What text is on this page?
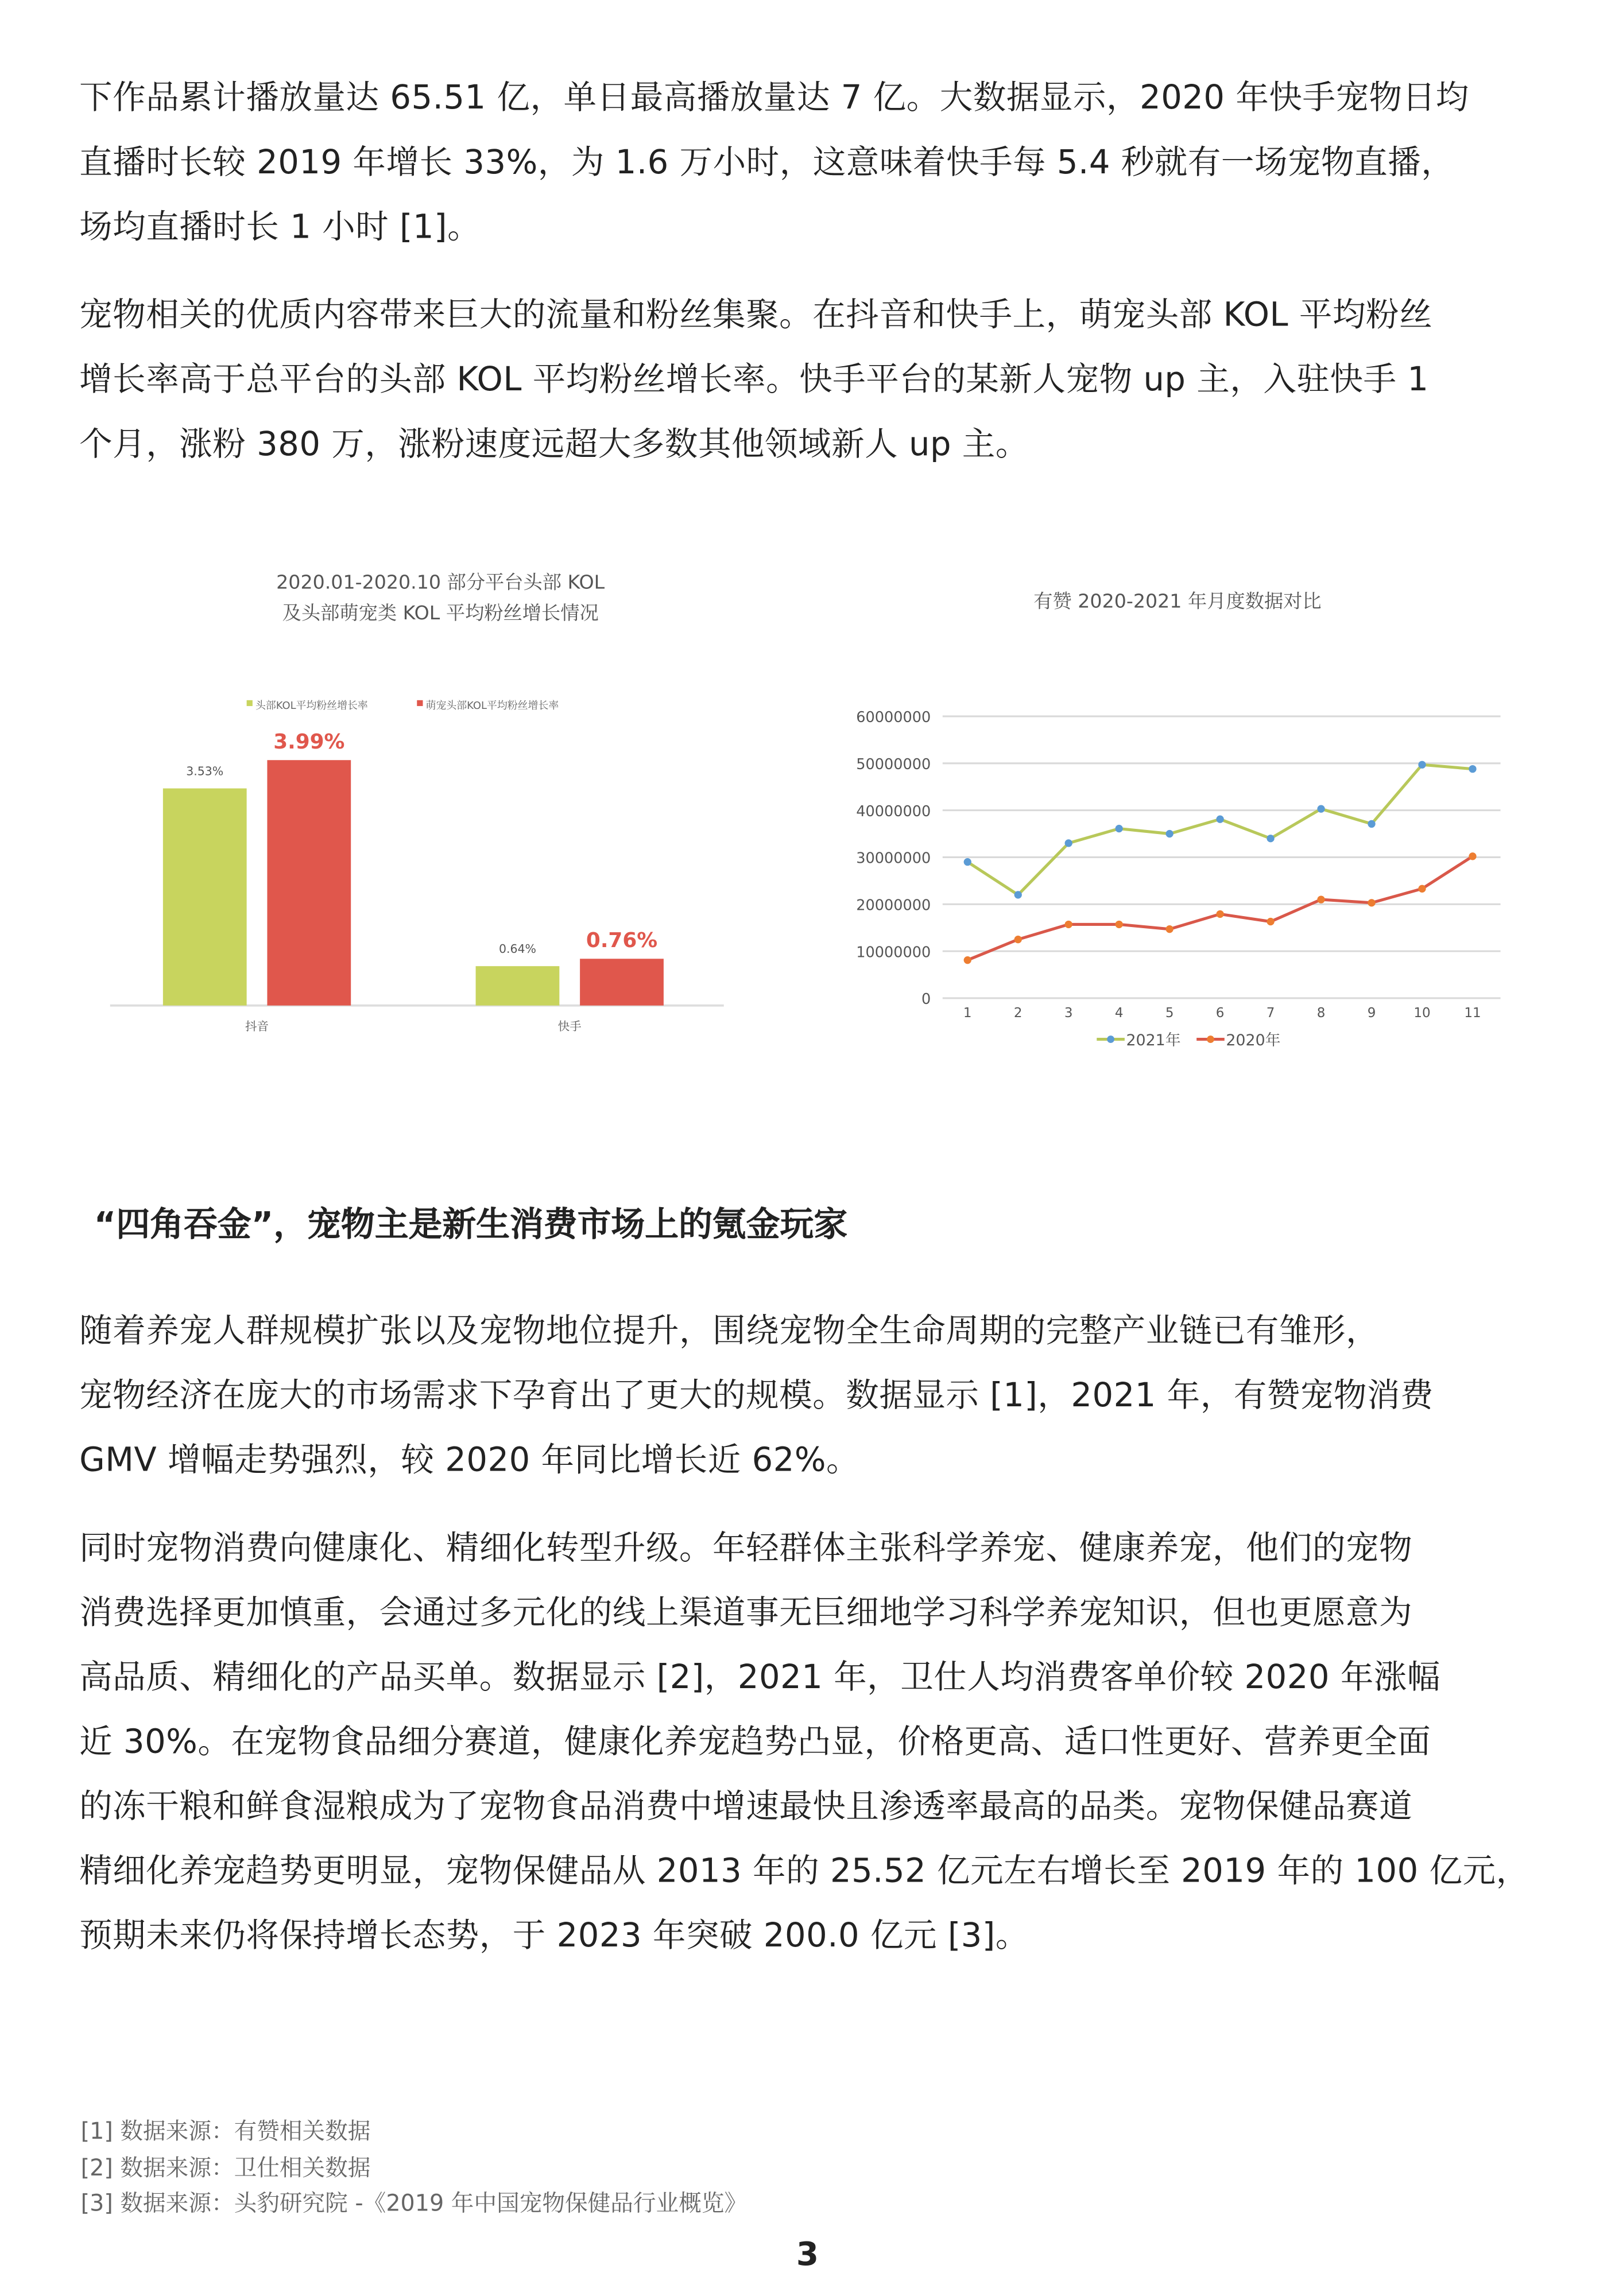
下作品累计播放量达 65.51 亿，单日最高播放量达 7 亿。大数据显示，2020 年快手宠物日均
直播时长较 2019 年增长 33%，为 1.6 万小时，这意味着快手每 5.4 秒就有一场宠物直播，
场均直播时长 1 小时 [1]。
宠物相关的优质内容带来巨大的流量和粉丝集聚。在抖音和快手上，萌宠头部 KOL 平均粉丝
增长率高于总平台的头部 KOL 平均粉丝增长率。快手平台的某新人宠物 up 主，入驻快手 1
个月，涨粉 380 万，涨粉速度远超大多数其他领域新人 up 主。
2020.01-2020.10 部分平台头部 KOL
及头部萌宠类 KOL 平均粉丝增长情况
头部KOL平均粉丝增长率	萌宠头部KOL平均粉丝增长率
3.53%
3.99%
抖音
0.64%	0.76%
快手
有赞 2020-2021 年月度数据对比
0
10000000
20000000
30000000
40000000
50000000
60000000
1	2	3	4	5	6	7	8	9	10	11
2021年	2020年
“四角吞金”，宠物主是新生消费市场上的氪金玩家
随着养宠人群规模扩张以及宠物地位提升，围绕宠物全生命周期的完整产业链已有雏形，
宠物经济在庞大的市场需求下孕育出了更大的规模。数据显示 [1]，2021 年，有赞宠物消费
GMV 增幅走势强烈，较 2020 年同比增长近 62%。
同时宠物消费向健康化、精细化转型升级。年轻群体主张科学养宠、健康养宠，他们的宠物
消费选择更加慎重，会通过多元化的线上渠道事无巨细地学习科学养宠知识，但也更愿意为
高品质、精细化的产品买单。数据显示 [2]，2021 年，卫仕人均消费客单价较 2020 年涨幅
近 30%。在宠物食品细分赛道，健康化养宠趋势凸显，价格更高、适口性更好、营养更全面
的冻干粮和鲜食湿粮成为了宠物食品消费中增速最快且渗透率最高的品类。宠物保健品赛道
精细化养宠趋势更明显，宠物保健品从 2013 年的 25.52 亿元左右增长至 2019 年的 100 亿元，
预期未来仍将保持增长态势，于 2023 年突破 200.0 亿元 [3]。
[1] 数据来源：有赞相关数据
[2] 数据来源：卫仕相关数据
[3] 数据来源：头豹研究院 -《2019 年中国宠物保健品行业概览》
3
